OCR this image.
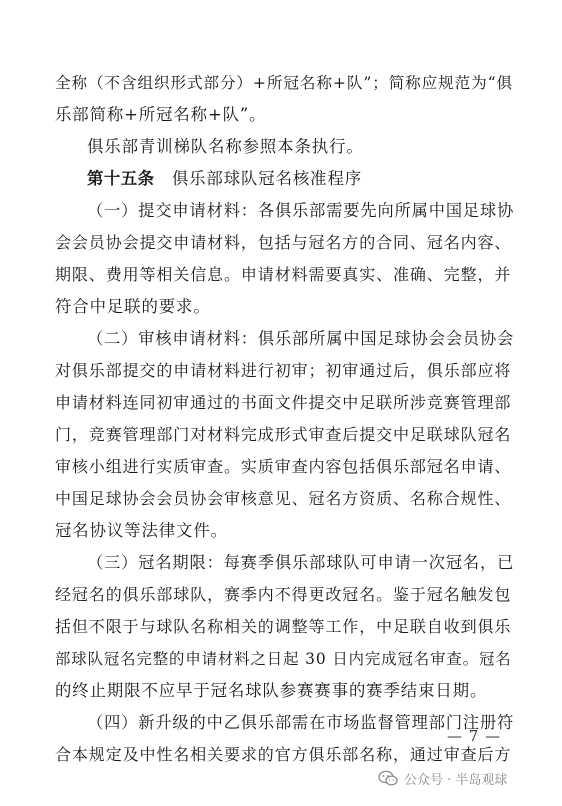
全称（不含组织形式部分）+所冠名称+队”；简称应规范为“俱
乐部简称+所冠名称+队”。
俱乐部青训梯队名称参照本条执行。
第十五条　俱乐部球队冠名核准程序
（一）提交申请材料：各俱乐部需要先向所属中国足球协
会会员协会提交申请材料，包括与冠名方的合同、冠名内容、
期限、费用等相关信息。申请材料需要真实、准确、完整，并
符合中足联的要求。
（二）审核申请材料：俱乐部所属中国足球协会会员协会
对俱乐部提交的申请材料进行初审；初审通过后，俱乐部应将
申请材料连同初审通过的书面文件提交中足联所涉竞赛管理部
门，竞赛管理部门对材料完成形式审查后提交中足联球队冠名
审核小组进行实质审查。实质审查内容包括俱乐部冠名申请、
中国足球协会会员协会审核意见、冠名方资质、名称合规性、
冠名协议等法律文件。
（三）冠名期限：每赛季俱乐部球队可申请一次冠名，已
经冠名的俱乐部球队，赛季内不得更改冠名。鉴于冠名触发包
括但不限于与球队名称相关的调整等工作，中足联自收到俱乐
部球队冠名完整的申请材料之日起 30 日内完成冠名审查。冠名
的终止期限不应早于冠名球队参赛赛事的赛季结束日期。
（四）新升级的中乙俱乐部需在市场监督管理部门注册符
合本规定及中性名相关要求的官方俱乐部名称，通过审查后方
— 7 —
公众号 · 半岛观球
